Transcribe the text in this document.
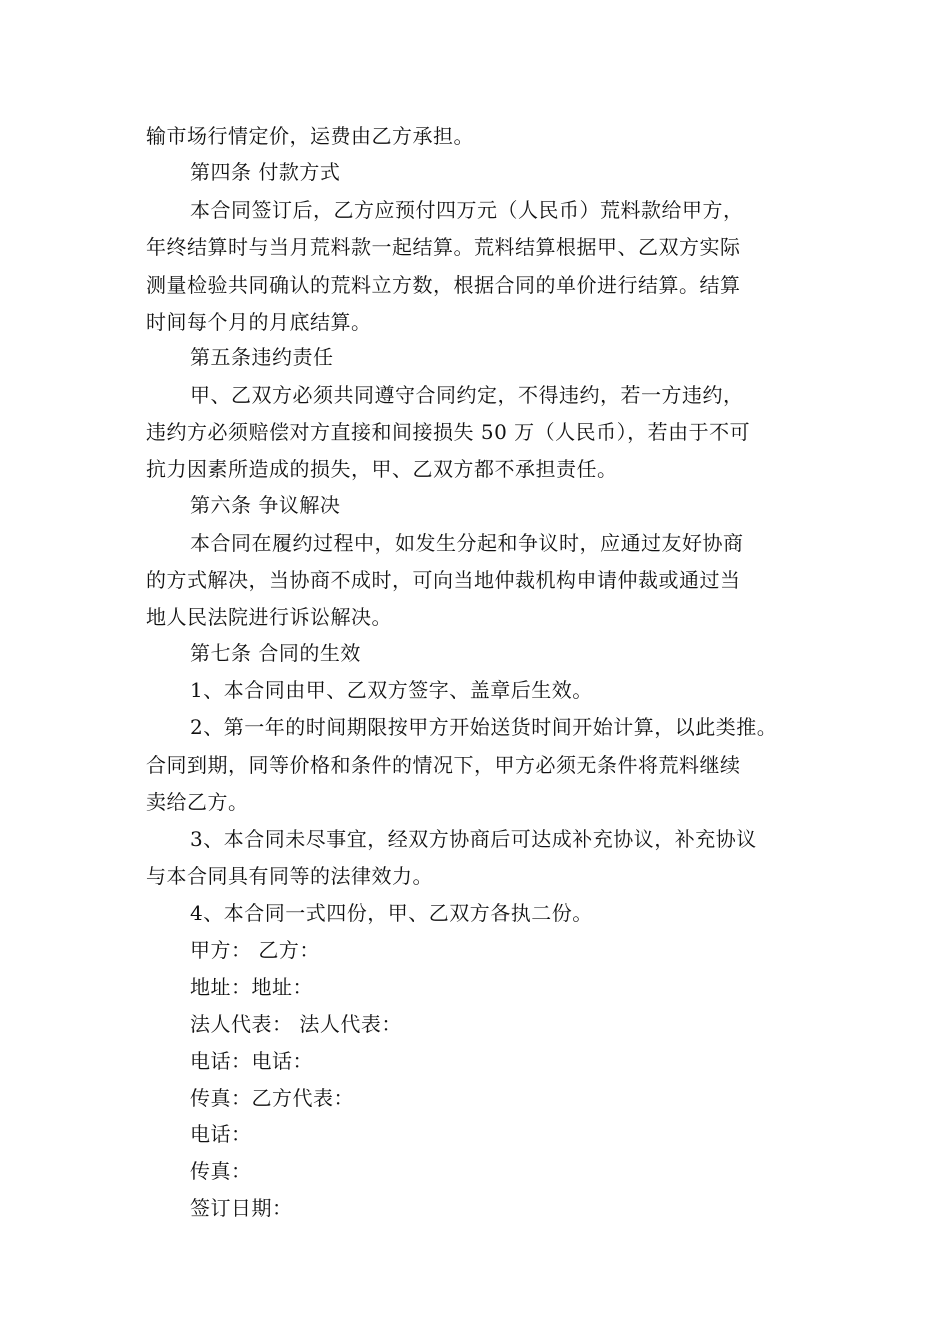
输市场行情定价，运费由乙方承担。
第四条 付款方式
本合同签订后，乙方应预付四万元（人民币）荒料款给甲方，
年终结算时与当月荒料款一起结算。荒料结算根据甲、乙双方实际
测量检验共同确认的荒料立方数，根据合同的单价进行结算。结算
时间每个月的月底结算。
第五条违约责任
甲、乙双方必须共同遵守合同约定，不得违约，若一方违约，
违约方必须赔偿对方直接和间接损失 50 万（人民币），若由于不可
抗力因素所造成的损失，甲、乙双方都不承担责任。
第六条 争议解决
本合同在履约过程中，如发生分起和争议时，应通过友好协商
的方式解决，当协商不成时，可向当地仲裁机构申请仲裁或通过当
地人民法院进行诉讼解决。
第七条 合同的生效
1、本合同由甲、乙双方签字、盖章后生效。
2、第一年的时间期限按甲方开始送货时间开始计算，以此类推。
合同到期，同等价格和条件的情况下，甲方必须无条件将荒料继续
卖给乙方。
3、本合同未尽事宜，经双方协商后可达成补充协议，补充协议
与本合同具有同等的法律效力。
4、本合同一式四份，甲、乙双方各执二份。
甲方： 乙方：
地址：地址：
法人代表： 法人代表：
电话：电话：
传真：乙方代表：
电话：
传真：
签订日期：
